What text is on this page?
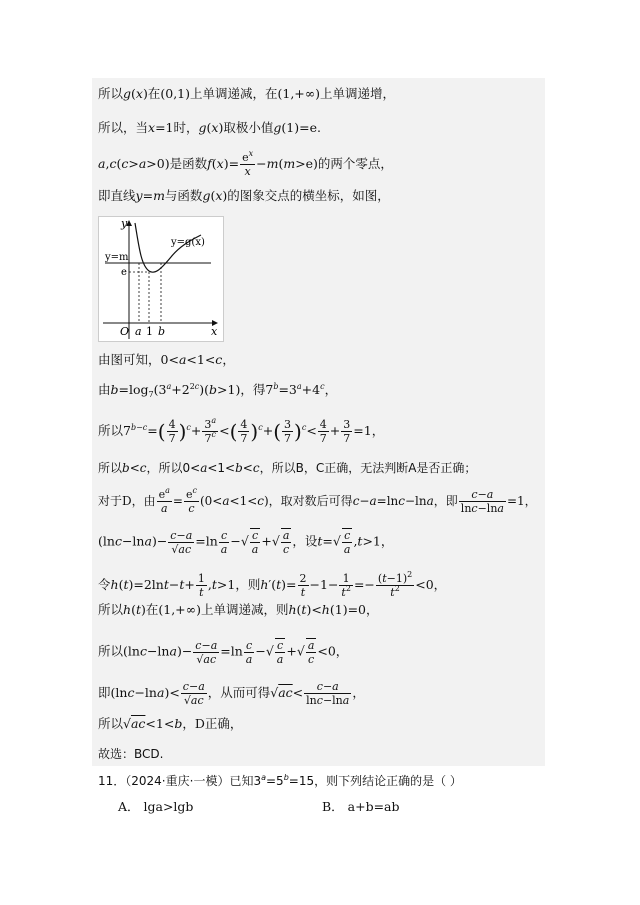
所以g(x)在(0,1)上单调递减，在(1,+∞)上单调递增，
所以，当x=1时，g(x)取极小值g(1)=e.
a,c(c>a>0)是函数$f(x)= \frac{e^x}{x} -m(m>e)$的两个零点，
即直线y=m与函数g(x)的图象交点的横坐标，如图，
y
x
y=g(x)
y=m
e
O a 1 b
由图可知，0<a<1<c，
由$b=\log_7(3^a+2^{2c})(b>1)$，得$7^b=3^a+4^c$，
所以$7^{b-c}=( \frac{4}{7} )^c+ \frac{3^a}{7^c}$ <( $\frac{4}{7} )^c+( \frac{3}{7} )^c< \frac{4}{7} + \frac{3}{7} =1$，
所以b<c，所以0<a<1<b<c，所以B，C正确，无法判断A是否正确；
对于D，由 $\frac{e^a}{a} = \frac{e^c}{c} (0<a<1<c)$，取对数后可得c−a=lnc−lna，即 $\frac{c-a}{\ln c-\ln a} =1$，
$(\ln c-\ln a)- \frac{c-a}{√ac} =\ln \frac{c}{a}$ −√ $\frac{c}{a}$ +√ $\frac{a}{c}$ ，设$t=√ \frac{c}{a} ,t>1$，
令$h(t)=2\ln t-t+ \frac{1}{t} ,t>1$，则$h'(t)= \frac{2}{t} -1- \frac{1}{t^2} =- \frac{(t-1)^2}{t^2} <0$，
所以h(t)在(1,+∞)上单调递减，则h(t)<h(1)=0，
所以$(\ln c-\ln a)- \frac{c-a}{√ac} =\ln \frac{c}{a}$ −√ $\frac{c}{a}$ +√ $\frac{a}{c} <0$，
即$(\ln c-\ln a)< \frac{c-a}{√ac}$ ，从而可得$√ac< \frac{c-a}{\ln c-\ln a}$ ，
所以√ac<1<b，D正确，
故选：BCD.
11．（2024·重庆·一模）已知$3^a=5^b=15$，则下列结论正确的是（ ）
A． lga>lgb	B． a+b=ab
